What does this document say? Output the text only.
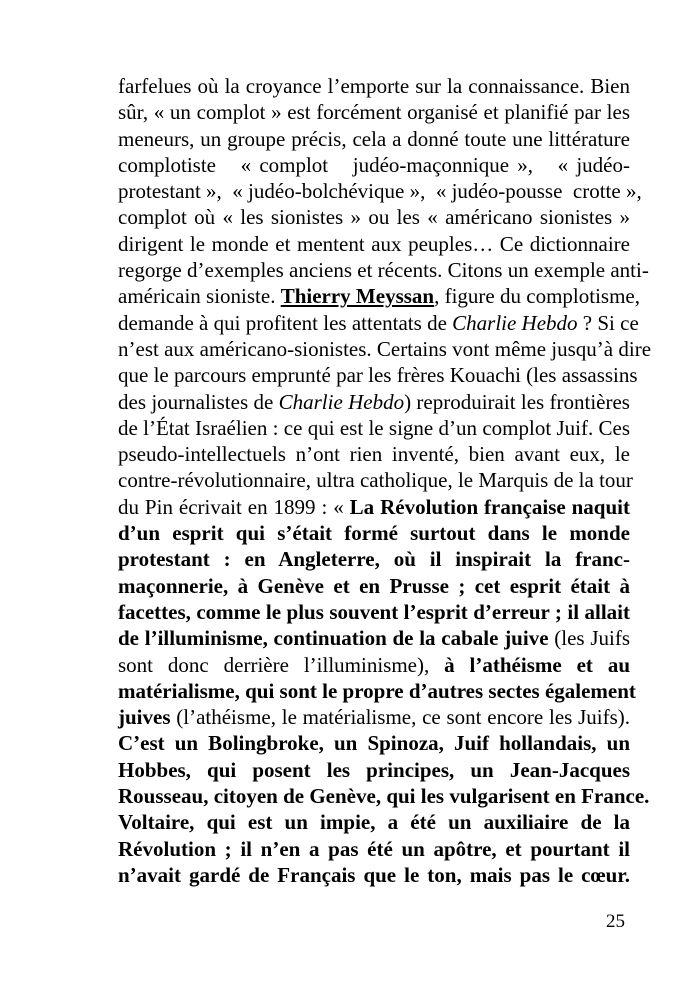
farfelues où la croyance l’emporte sur la connaissance. Bien
sûr, « un complot » est forcément organisé et planifié par les
meneurs, un groupe précis, cela a donné toute une littérature
complotiste   « complot   judéo-maçonnique »,   « judéo-
protestant »,  « judéo-bolchévique »,  « judéo-pousse  crotte »,
complot où « les sionistes » ou les « américano sionistes »
dirigent le monde et mentent aux peuples… Ce dictionnaire
regorge d’exemples anciens et récents. Citons un exemple anti-
américain sioniste. Thierry Meyssan, figure du complotisme,
demande à qui profitent les attentats de Charlie Hebdo ? Si ce
n’est aux américano-sionistes. Certains vont même jusqu’à dire
que le parcours emprunté par les frères Kouachi (les assassins
des journalistes de Charlie Hebdo) reproduirait les frontières
de l’État Israélien : ce qui est le signe d’un complot Juif. Ces
pseudo-intellectuels n’ont rien inventé, bien avant eux, le
contre-révolutionnaire, ultra catholique, le Marquis de la tour
du Pin écrivait en 1899 : « La Révolution française naquit
d’un esprit qui s’était formé surtout dans le monde
protestant : en Angleterre, où il inspirait la franc-
maçonnerie, à Genève et en Prusse ; cet esprit était à
facettes, comme le plus souvent l’esprit d’erreur ; il allait
de l’illuminisme, continuation de la cabale juive (les Juifs
sont donc derrière l’illuminisme), à l’athéisme et au
matérialisme, qui sont le propre d’autres sectes également
juives (l’athéisme, le matérialisme, ce sont encore les Juifs).
C’est un Bolingbroke, un Spinoza, Juif hollandais, un
Hobbes, qui posent les principes, un Jean-Jacques
Rousseau, citoyen de Genève, qui les vulgarisent en France.
Voltaire, qui est un impie, a été un auxiliaire de la
Révolution ; il n’en a pas été un apôtre, et pourtant il
n’avait gardé de Français que le ton, mais pas le cœur.
25
